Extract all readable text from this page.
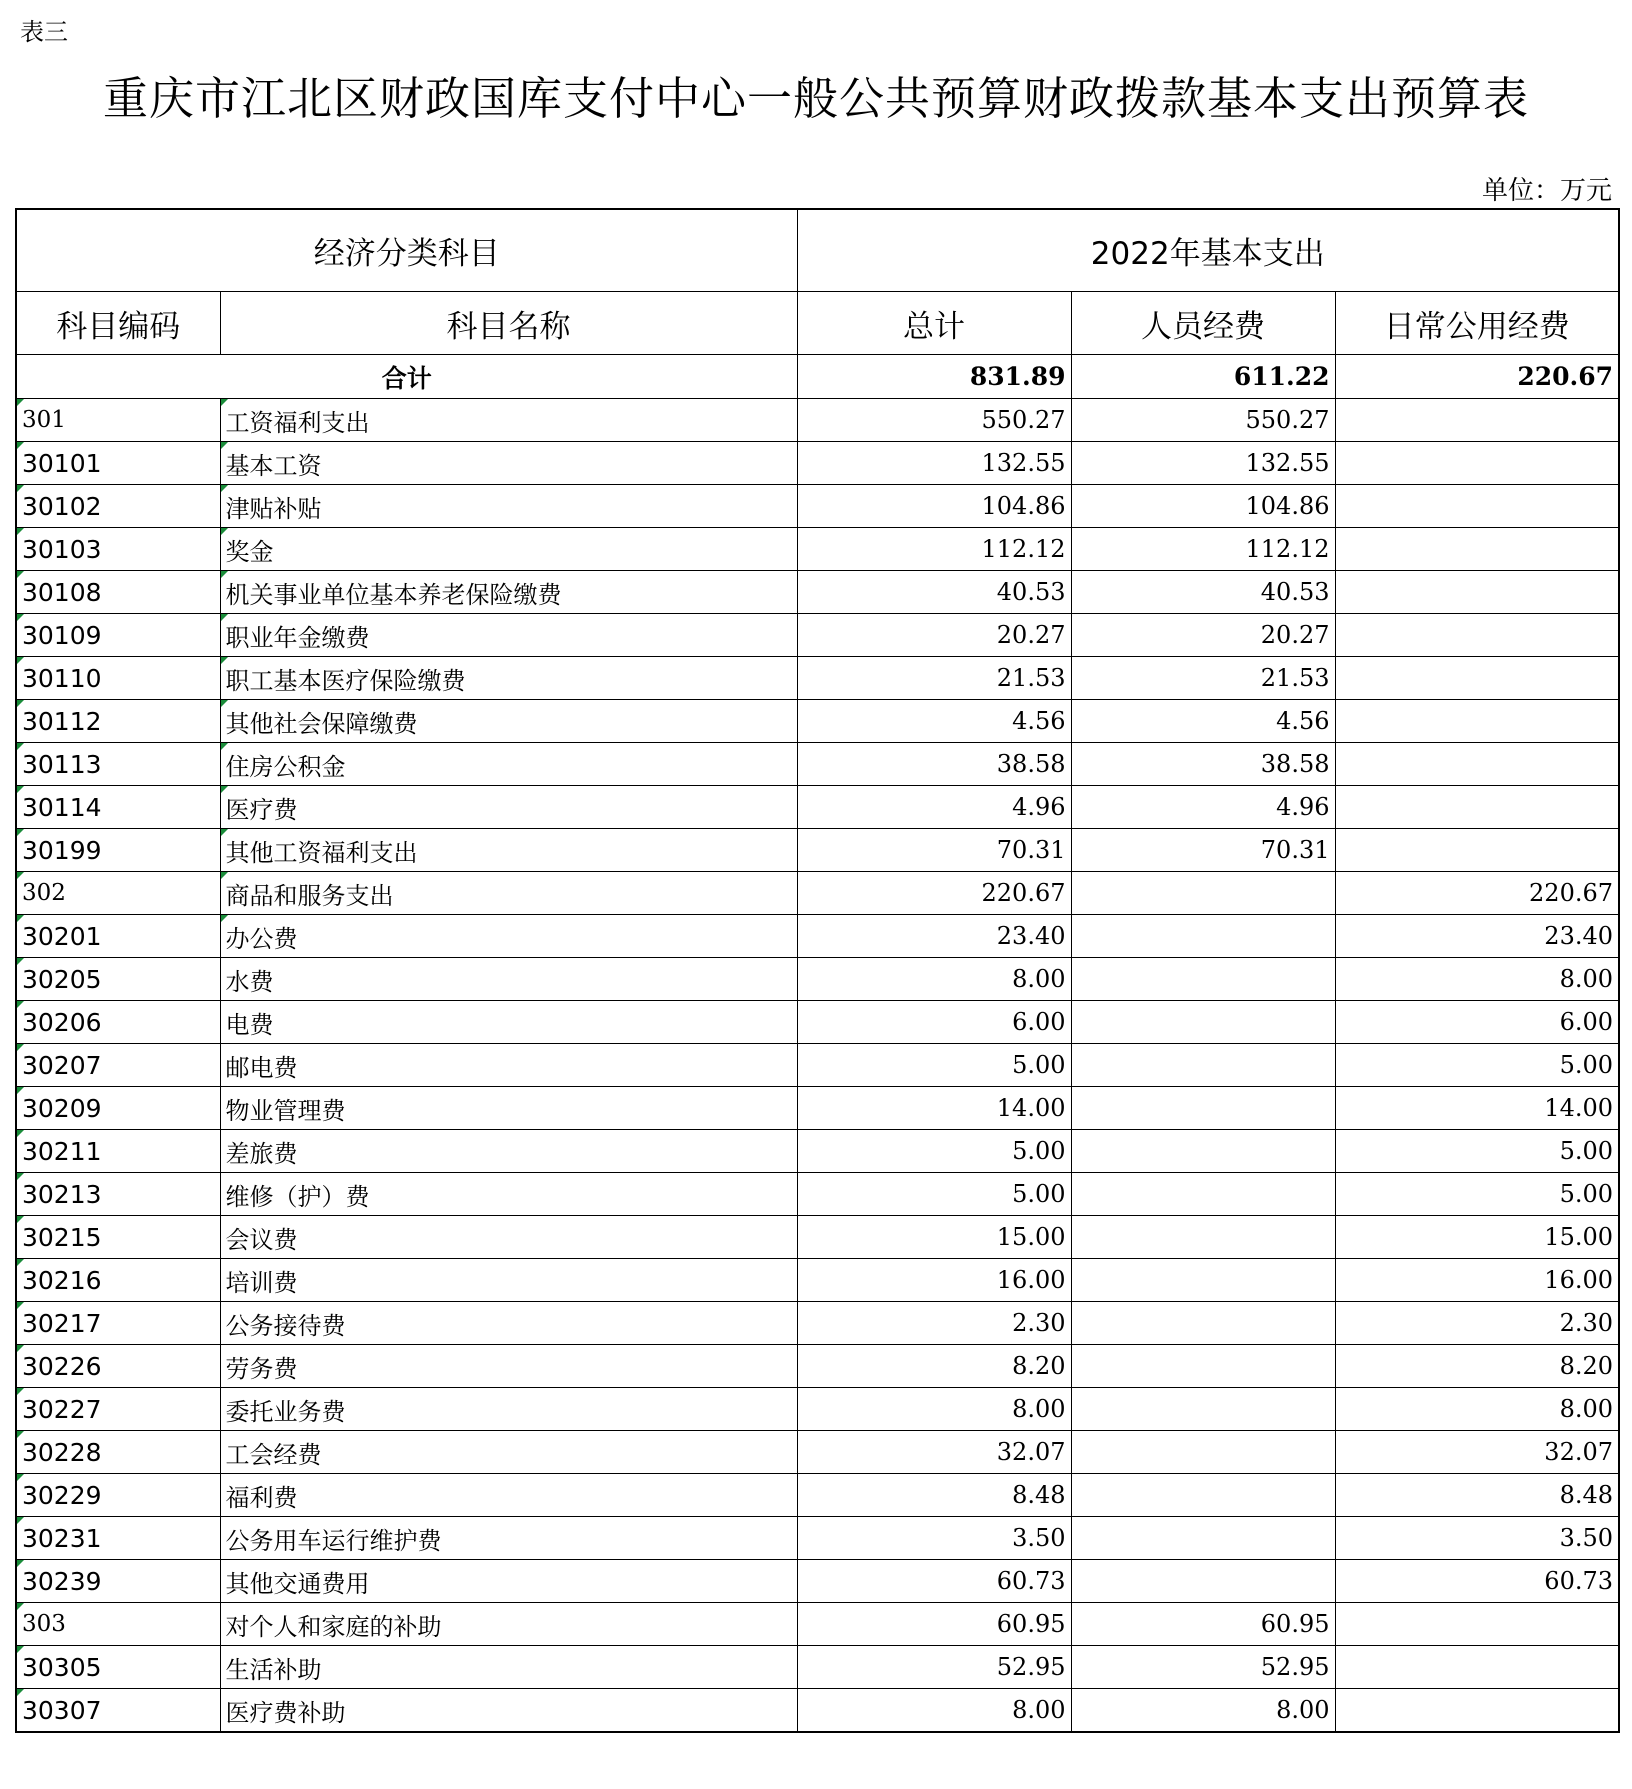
表三
重庆市江北区财政国库支付中心一般公共预算财政拨款基本支出预算表
单位：万元
经济分类科目		2022年基本支出		
科目编码	科目名称	总计	人员经费	日常公用经费
合计		831.89	611.22	220.67
301	工资福利支出	550.27	550.27	
30101	基本工资	132.55	132.55	
30102	津贴补贴	104.86	104.86	
30103	奖金	112.12	112.12	
30108	机关事业单位基本养老保险缴费	40.53	40.53	
30109	职业年金缴费	20.27	20.27	
30110	职工基本医疗保险缴费	21.53	21.53	
30112	其他社会保障缴费	4.56	4.56	
30113	住房公积金	38.58	38.58	
30114	医疗费	4.96	4.96	
30199	其他工资福利支出	70.31	70.31	
302	商品和服务支出	220.67		220.67
30201	办公费	23.40		23.40
30205	水费	8.00		8.00
30206	电费	6.00		6.00
30207	邮电费	5.00		5.00
30209	物业管理费	14.00		14.00
30211	差旅费	5.00		5.00
30213	维修（护）费	5.00		5.00
30215	会议费	15.00		15.00
30216	培训费	16.00		16.00
30217	公务接待费	2.30		2.30
30226	劳务费	8.20		8.20
30227	委托业务费	8.00		8.00
30228	工会经费	32.07		32.07
30229	福利费	8.48		8.48
30231	公务用车运行维护费	3.50		3.50
30239	其他交通费用	60.73		60.73
303	对个人和家庭的补助	60.95	60.95	
30305	生活补助	52.95	52.95	
30307	医疗费补助	8.00	8.00	
